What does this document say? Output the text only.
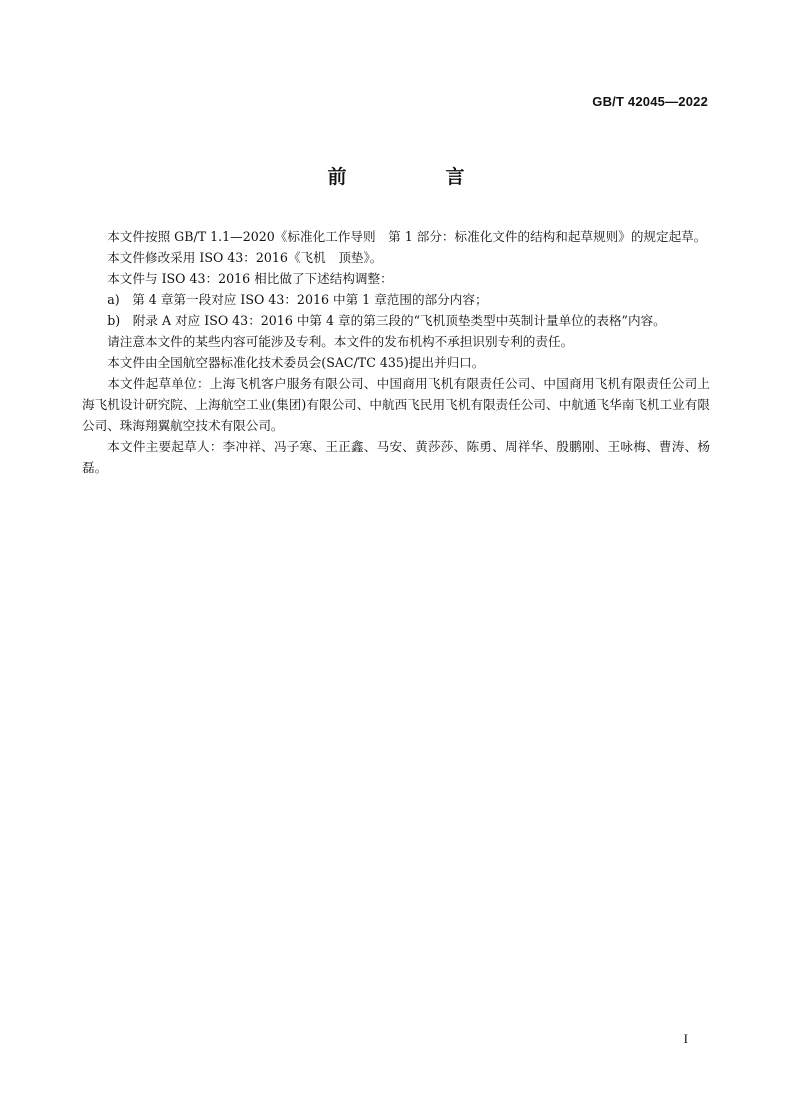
GB/T 42045—2022
前　言

本文件按照 GB/T 1.1—2020《标准化工作导则　第 1 部分：标准化文件的结构和起草规则》的规定起草。

本文件修改采用 ISO 43：2016《飞机　顶垫》。

本文件与 ISO 43：2016 相比做了下述结构调整：

a)　第 4 章第一段对应 ISO 43：2016 中第 1 章范围的部分内容；

b)　附录 A 对应 ISO 43：2016 中第 4 章的第三段的“飞机顶垫类型中英制计量单位的表格”内容。

请注意本文件的某些内容可能涉及专利。本文件的发布机构不承担识别专利的责任。

本文件由全国航空器标准化技术委员会(SAC/TC 435)提出并归口。

本文件起草单位：上海飞机客户服务有限公司、中国商用飞机有限责任公司、中国商用飞机有限责任公司上海飞机设计研究院、上海航空工业(集团)有限公司、中航西飞民用飞机有限责任公司、中航通飞华南飞机工业有限公司、珠海翔翼航空技术有限公司。

本文件主要起草人：李冲祥、冯子寒、王正鑫、马安、黄莎莎、陈勇、周祥华、殷鹏刚、王咏梅、曹涛、杨磊。

I
